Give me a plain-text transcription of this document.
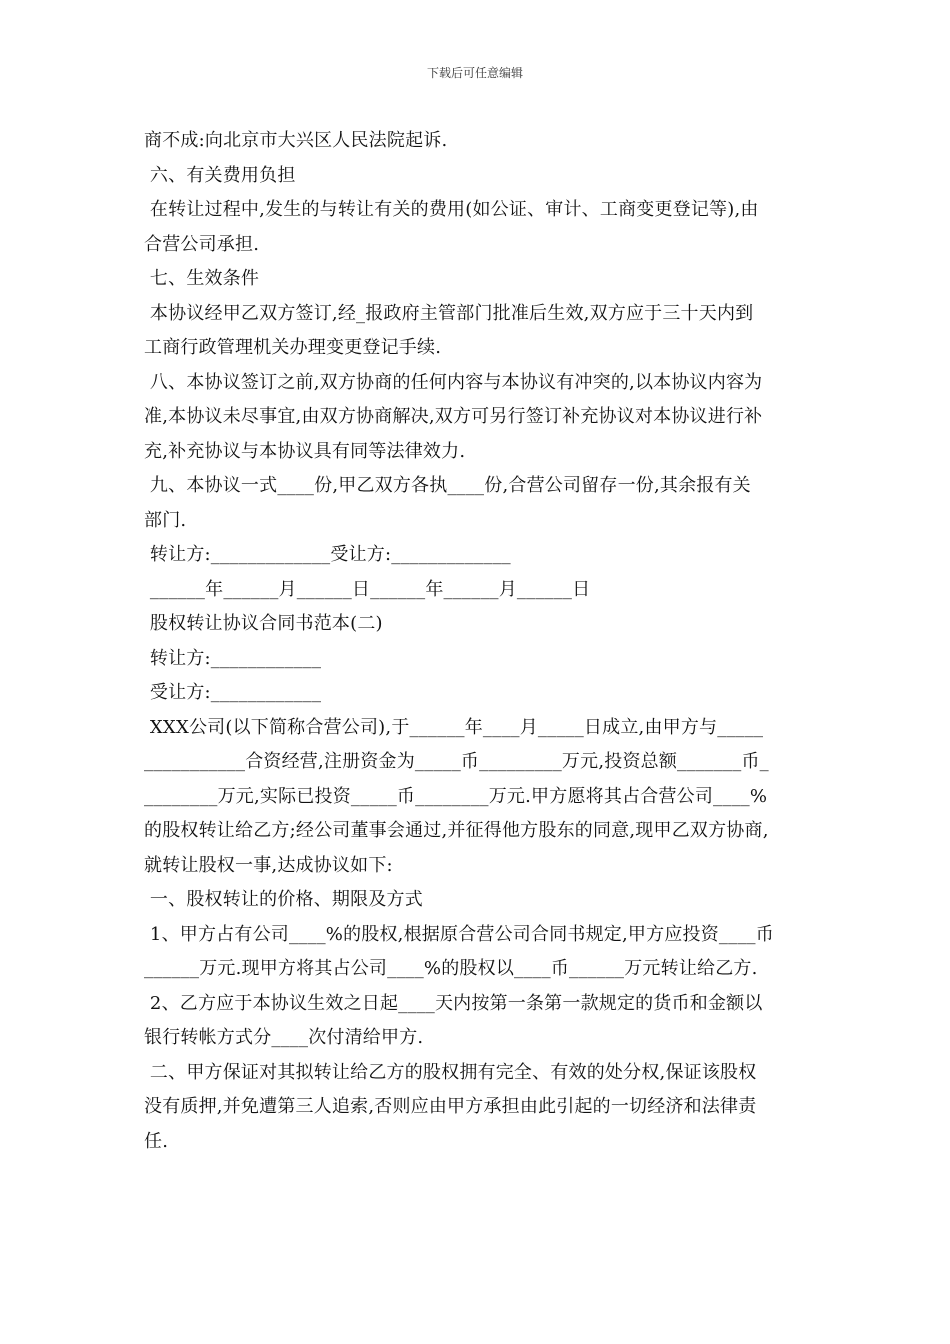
下载后可任意编辑
商不成:向北京市大兴区人民法院起诉.
六、有关费用负担
在转让过程中,发生的与转让有关的费用(如公证、审计、工商变更登记等),由
合营公司承担.
七、生效条件
本协议经甲乙双方签订,经_报政府主管部门批准后生效,双方应于三十天内到
工商行政管理机关办理变更登记手续.
八、本协议签订之前,双方协商的任何内容与本协议有冲突的,以本协议内容为
准,本协议未尽事宜,由双方协商解决,双方可另行签订补充协议对本协议进行补
充,补充协议与本协议具有同等法律效力.
九、本协议一式____份,甲乙双方各执____份,合营公司留存一份,其余报有关
部门.
转让方:_____________受让方:_____________
______年______月______日______年______月______日
股权转让协议合同书范本(二)
转让方:____________
受让方:____________
XXX公司(以下简称合营公司),于______年____月_____日成立,由甲方与_____
___________合资经营,注册资金为_____币_________万元,投资总额_______币_
________万元,实际已投资_____币________万元.甲方愿将其占合营公司____%
的股权转让给乙方;经公司董事会通过,并征得他方股东的同意,现甲乙双方协商,
就转让股权一事,达成协议如下:
一、股权转让的价格、期限及方式
1、甲方占有公司____%的股权,根据原合营公司合同书规定,甲方应投资____币
______万元.现甲方将其占公司____%的股权以____币______万元转让给乙方.
2、乙方应于本协议生效之日起____天内按第一条第一款规定的货币和金额以
银行转帐方式分____次付清给甲方.
二、甲方保证对其拟转让给乙方的股权拥有完全、有效的处分权,保证该股权
没有质押,并免遭第三人追索,否则应由甲方承担由此引起的一切经济和法律责
任.
